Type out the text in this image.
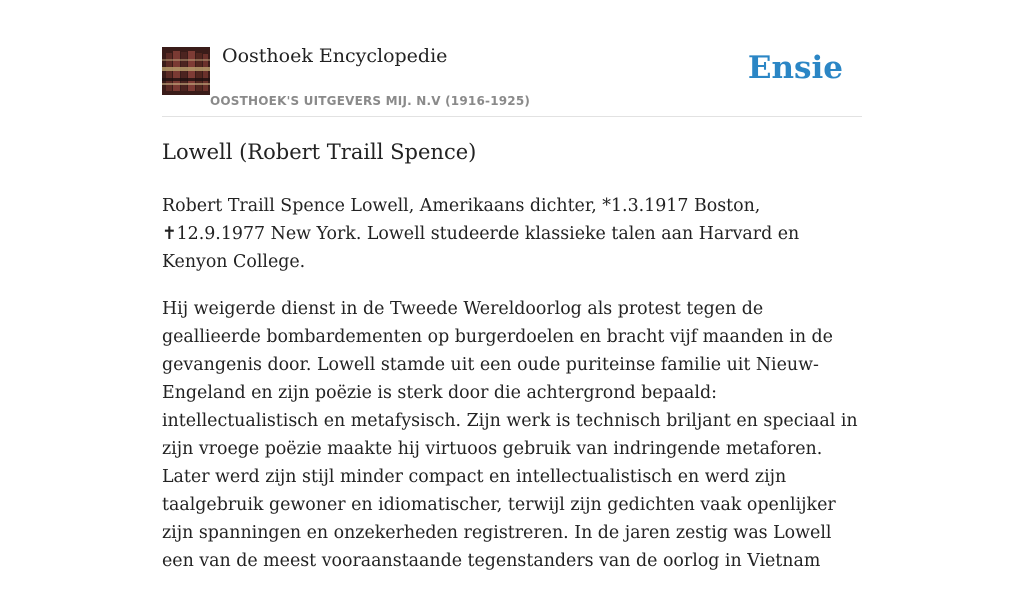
Oosthoek Encyclopedie
OOSTHOEK'S UITGEVERS MIJ. N.V (1916-1925)
Ensie
Lowell (Robert Traill Spence)

Robert Traill Spence Lowell, Amerikaans dichter, *1.3.1917 Boston, ✝12.9.1977 New York. Lowell studeerde klassieke talen aan Harvard en Kenyon College.

Hij weigerde dienst in de Tweede Wereldoorlog als protest tegen de geallieerde bombardementen op burgerdoelen en bracht vijf maanden in de gevangenis door. Lowell stamde uit een oude puriteinse familie uit Nieuw-Engeland en zijn poëzie is sterk door die achtergrond bepaald: intellectualistisch en metafysisch. Zijn werk is technisch briljant en speciaal in zijn vroege poëzie maakte hij virtuoos gebruik van indringende metaforen. Later werd zijn stijl minder compact en intellectualistisch en werd zijn taalgebruik gewoner en idiomatischer, terwijl zijn gedichten vaak openlijker zijn spanningen en onzekerheden registreren. In de jaren zestig was Lowell een van de meest vooraanstaande tegenstanders van de oorlog in Vietnam
